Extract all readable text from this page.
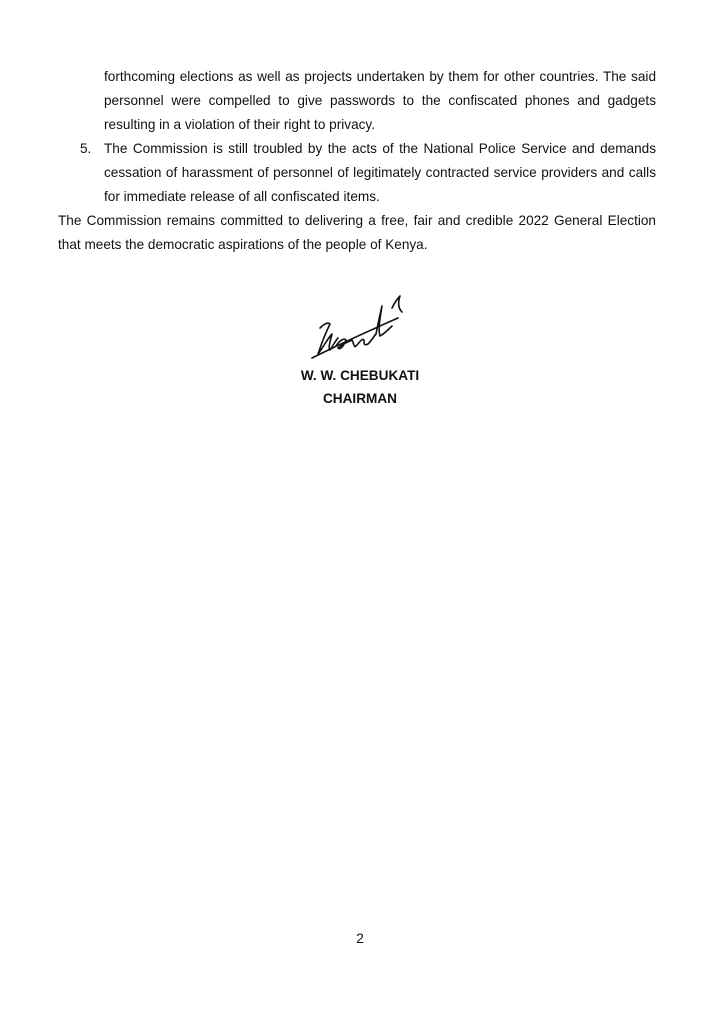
forthcoming elections as well as projects undertaken by them for other countries. The said personnel were compelled to give passwords to the confiscated phones and gadgets resulting in a violation of their right to privacy.

5. The Commission is still troubled by the acts of the National Police Service and demands cessation of harassment of personnel of legitimately contracted service providers and calls for immediate release of all confiscated items.

The Commission remains committed to delivering a free, fair and credible 2022 General Election that meets the democratic aspirations of the people of Kenya.

W. W. CHEBUKATI
CHAIRMAN
2
